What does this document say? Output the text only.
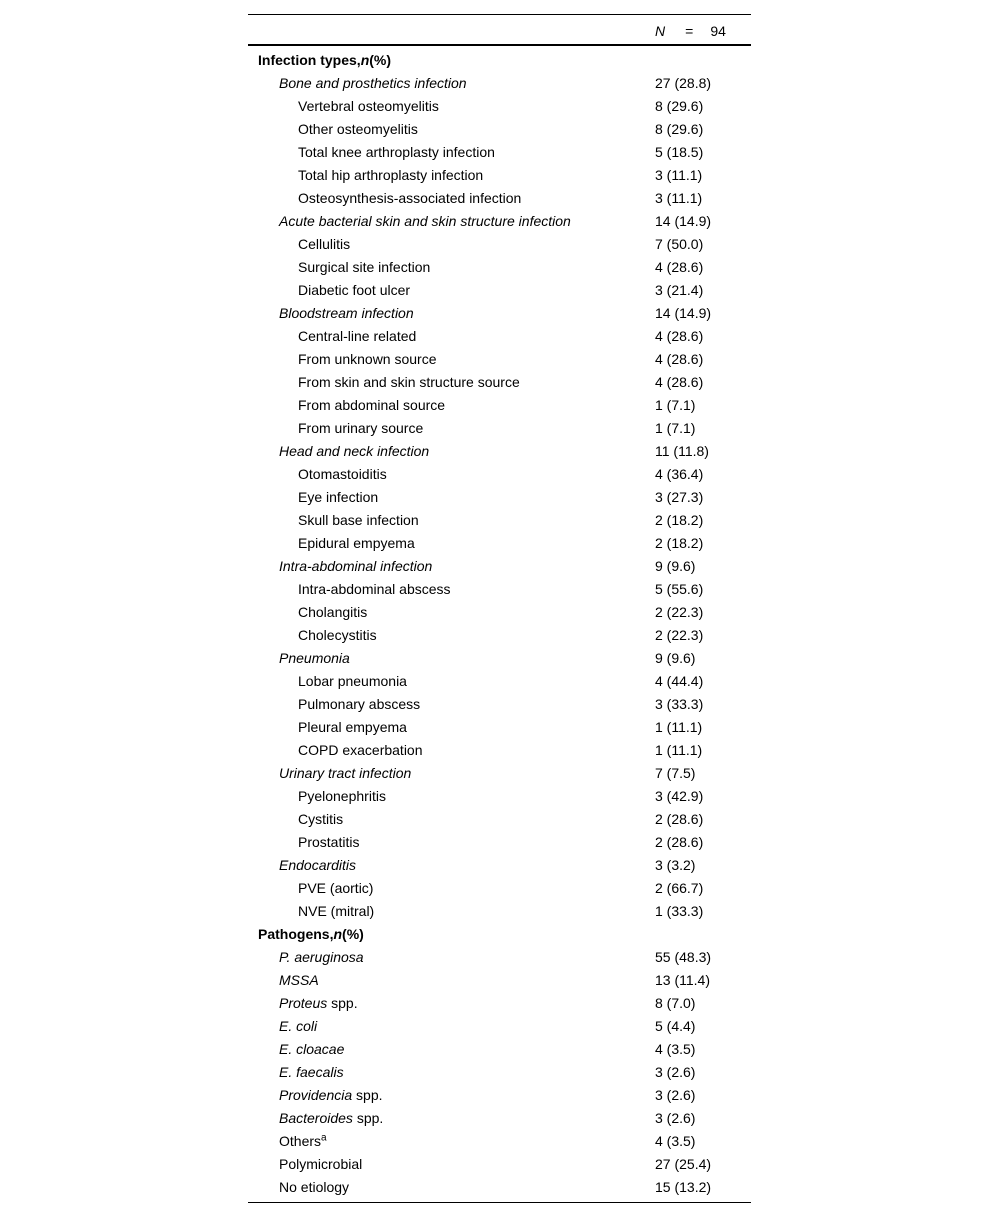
N = 94
Infection types,n(%)
Bone and prosthetics infection	27 (28.8)
Vertebral osteomyelitis	8 (29.6)
Other osteomyelitis	8 (29.6)
Total knee arthroplasty infection	5 (18.5)
Total hip arthroplasty infection	3 (11.1)
Osteosynthesis-associated infection	3 (11.1)
Acute bacterial skin and skin structure infection	14 (14.9)
Cellulitis	7 (50.0)
Surgical site infection	4 (28.6)
Diabetic foot ulcer	3 (21.4)
Bloodstream infection	14 (14.9)
Central-line related	4 (28.6)
From unknown source	4 (28.6)
From skin and skin structure source	4 (28.6)
From abdominal source	1 (7.1)
From urinary source	1 (7.1)
Head and neck infection	11 (11.8)
Otomastoiditis	4 (36.4)
Eye infection	3 (27.3)
Skull base infection	2 (18.2)
Epidural empyema	2 (18.2)
Intra-abdominal infection	9 (9.6)
Intra-abdominal abscess	5 (55.6)
Cholangitis	2 (22.3)
Cholecystitis	2 (22.3)
Pneumonia	9 (9.6)
Lobar pneumonia	4 (44.4)
Pulmonary abscess	3 (33.3)
Pleural empyema	1 (11.1)
COPD exacerbation	1 (11.1)
Urinary tract infection	7 (7.5)
Pyelonephritis	3 (42.9)
Cystitis	2 (28.6)
Prostatitis	2 (28.6)
Endocarditis	3 (3.2)
PVE (aortic)	2 (66.7)
NVE (mitral)	1 (33.3)
Pathogens,n(%)
P. aeruginosa	55 (48.3)
MSSA	13 (11.4)
Proteus spp.	8 (7.0)
E. coli	5 (4.4)
E. cloacae	4 (3.5)
E. faecalis	3 (2.6)
Providencia spp.	3 (2.6)
Bacteroides spp.	3 (2.6)
Others$^a$	4 (3.5)
Polymicrobial	27 (25.4)
No etiology	15 (13.2)
